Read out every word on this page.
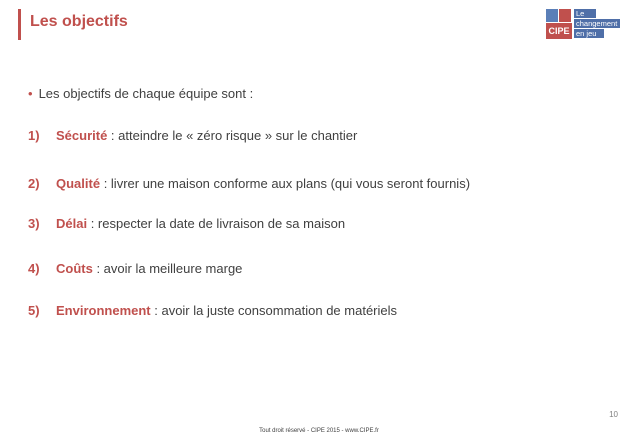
Les objectifs
CIPE
Le
changement
en jeu
• Les objectifs de chaque équipe sont :
1) Sécurité : atteindre le « zéro risque » sur le chantier
2) Qualité : livrer une maison conforme aux plans (qui vous seront fournis)
3) Délai : respecter la date de livraison de sa maison
4) Coûts : avoir la meilleure marge
5) Environnement : avoir la juste consommation de matériels
10
Tout droit réservé - CIPE 2015 - www.CIPE.fr
